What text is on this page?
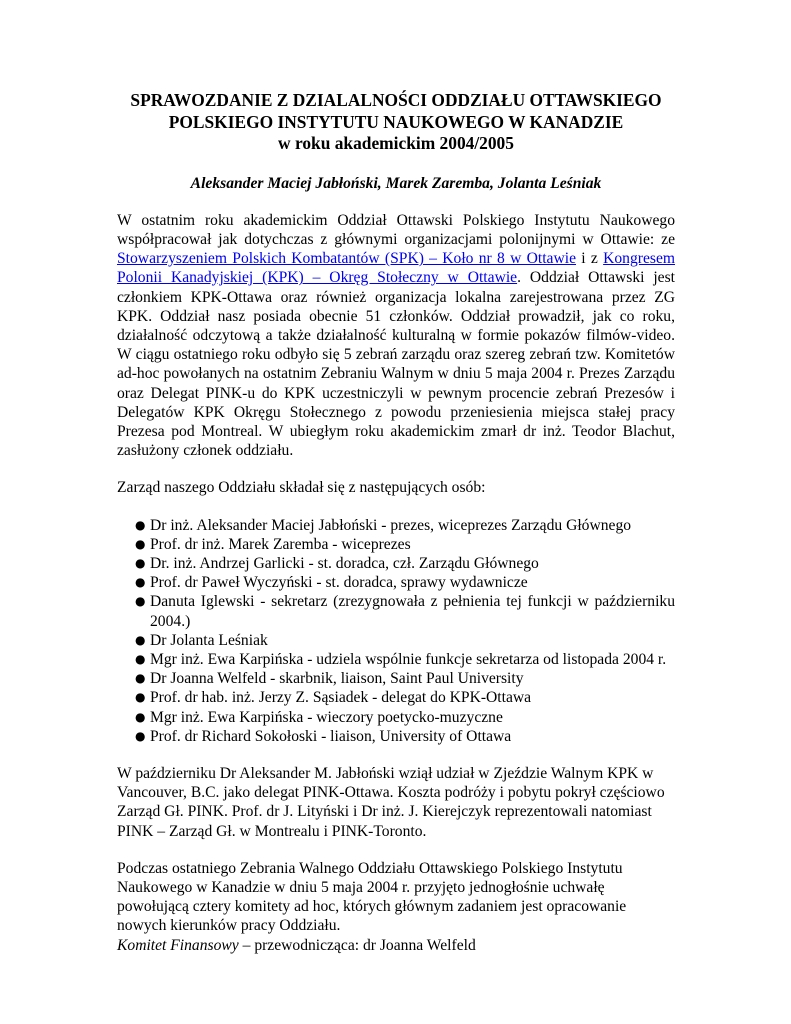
SPRAWOZDANIE Z DZIALALNOŚCI ODDZIAŁU OTTAWSKIEGO
POLSKIEGO INSTYTUTU NAUKOWEGO W KANADZIE
w roku akademickim 2004/2005

Aleksander Maciej Jabłoński, Marek Zaremba, Jolanta Leśniak

W ostatnim roku akademickim Oddział Ottawski Polskiego Instytutu Naukowego współpracował jak dotychczas z głównymi organizacjami polonijnymi w Ottawie: ze Stowarzyszeniem Polskich Kombatantów (SPK) – Koło nr 8 w Ottawie i z Kongresem Polonii Kanadyjskiej (KPK) – Okręg Stołeczny w Ottawie. Oddział Ottawski jest członkiem KPK-Ottawa oraz również organizacja lokalna zarejestrowana przez ZG KPK. Oddział nasz posiada obecnie 51 członków. Oddział prowadził, jak co roku, działalność odczytową a także działalność kulturalną w formie pokazów filmów-video. W ciągu ostatniego roku odbyło się 5 zebrań zarządu oraz szereg zebrań tzw. Komitetów ad-hoc powołanych na ostatnim Zebraniu Walnym w dniu 5 maja 2004 r. Prezes Zarządu oraz Delegat PINK-u do KPK uczestniczyli w pewnym procencie zebrań Prezesów i Delegatów KPK Okręgu Stołecznego z powodu przeniesienia miejsca stałej pracy Prezesa pod Montreal. W ubiegłym roku akademickim zmarł dr inż. Teodor Blachut, zasłużony członek oddziału.

Zarząd naszego Oddziału składał się z następujących osób:

● Dr inż. Aleksander Maciej Jabłoński - prezes, wiceprezes Zarządu Głównego
● Prof. dr inż. Marek Zaremba - wiceprezes
● Dr. inż. Andrzej Garlicki - st. doradca, czł. Zarządu Głównego
● Prof. dr Paweł Wyczyński - st. doradca, sprawy wydawnicze
● Danuta Iglewski - sekretarz (zrezygnowała z pełnienia tej funkcji w październiku 2004.)
● Dr Jolanta Leśniak
● Mgr inż. Ewa Karpińska - udziela wspólnie funkcje sekretarza od listopada 2004 r.
● Dr Joanna Welfeld - skarbnik, liaison, Saint Paul University
● Prof. dr hab. inż. Jerzy Z. Sąsiadek - delegat do KPK-Ottawa
● Mgr inż. Ewa Karpińska - wieczory poetycko-muzyczne
● Prof. dr Richard Sokołoski - liaison, University of Ottawa

W październiku Dr Aleksander M. Jabłoński wziął udział w Zjeździe Walnym KPK w
Vancouver, B.C. jako delegat PINK-Ottawa. Koszta podróży i pobytu pokrył częściowo
Zarząd Gł. PINK. Prof. dr J. Lityński i Dr inż. J. Kierejczyk reprezentowali natomiast
PINK – Zarząd Gł. w Montrealu i PINK-Toronto.

Podczas ostatniego Zebrania Walnego Oddziału Ottawskiego Polskiego Instytutu
Naukowego w Kanadzie w dniu 5 maja 2004 r. przyjęto jednogłośnie uchwałę
powołującą cztery komitety ad hoc, których głównym zadaniem jest opracowanie
nowych kierunków pracy Oddziału.
Komitet Finansowy – przewodnicząca: dr Joanna Welfeld
